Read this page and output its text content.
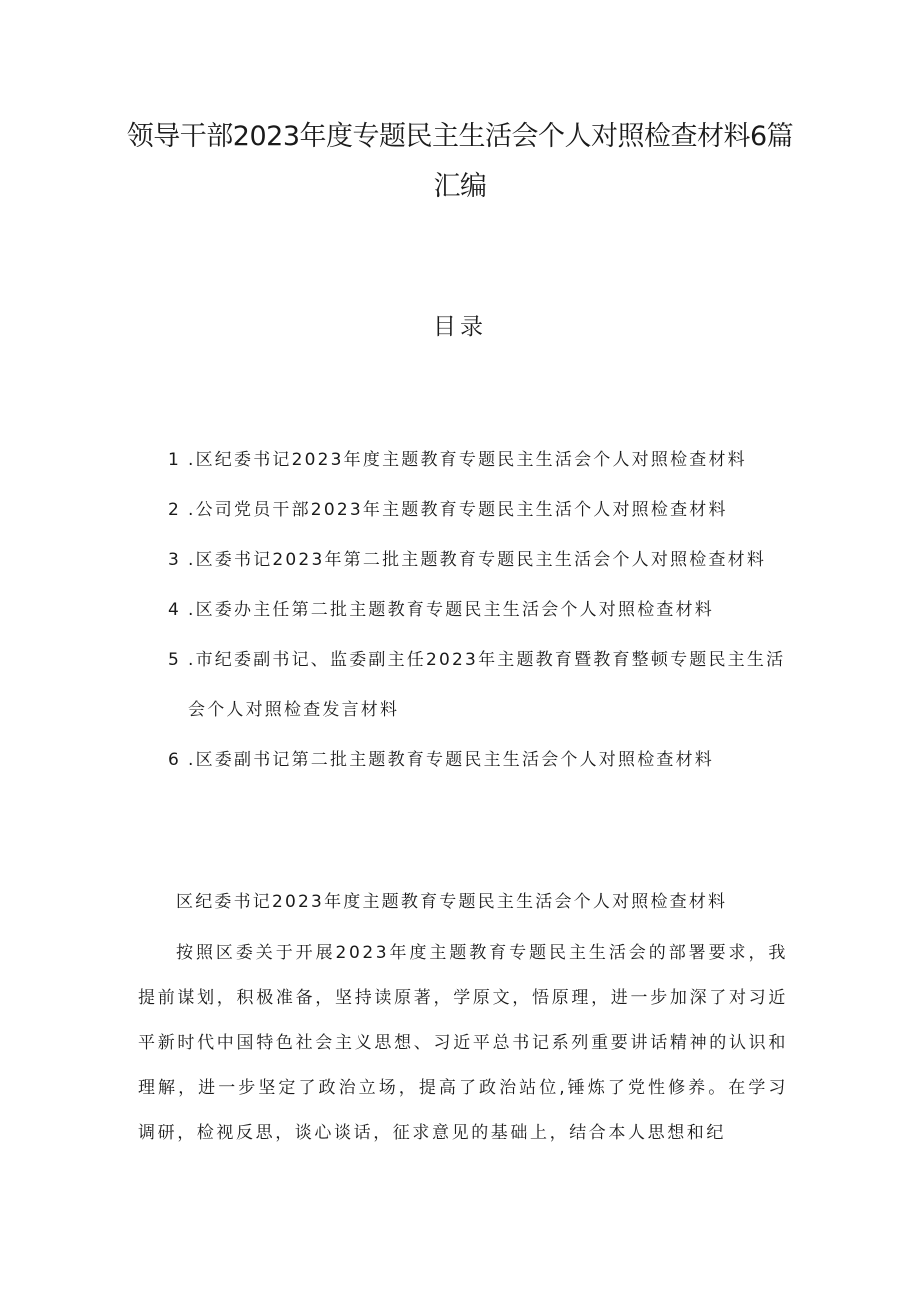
领导干部2023年度专题民主生活会个人对照检查材料6篇汇编
目录
1 .区纪委书记2023年度主题教育专题民主生活会个人对照检查材料
2 .公司党员干部2023年主题教育专题民主生活个人对照检查材料
3 .区委书记2023年第二批主题教育专题民主生活会个人对照检查材料
4 .区委办主任第二批主题教育专题民主生活会个人对照检查材料
5 .市纪委副书记、监委副主任2023年主题教育暨教育整顿专题民主生活会个人对照检查发言材料
6 .区委副书记第二批主题教育专题民主生活会个人对照检查材料
区纪委书记2023年度主题教育专题民主生活会个人对照检查材料

按照区委关于开展2023年度主题教育专题民主生活会的部署要求，我提前谋划，积极准备，坚持读原著，学原文，悟原理，进一步加深了对习近平新时代中国特色社会主义思想、习近平总书记系列重要讲话精神的认识和理解，进一步坚定了政治立场，提高了政治站位,锤炼了党性修养。在学习调研，检视反思，谈心谈话，征求意见的基础上，结合本人思想和纪
